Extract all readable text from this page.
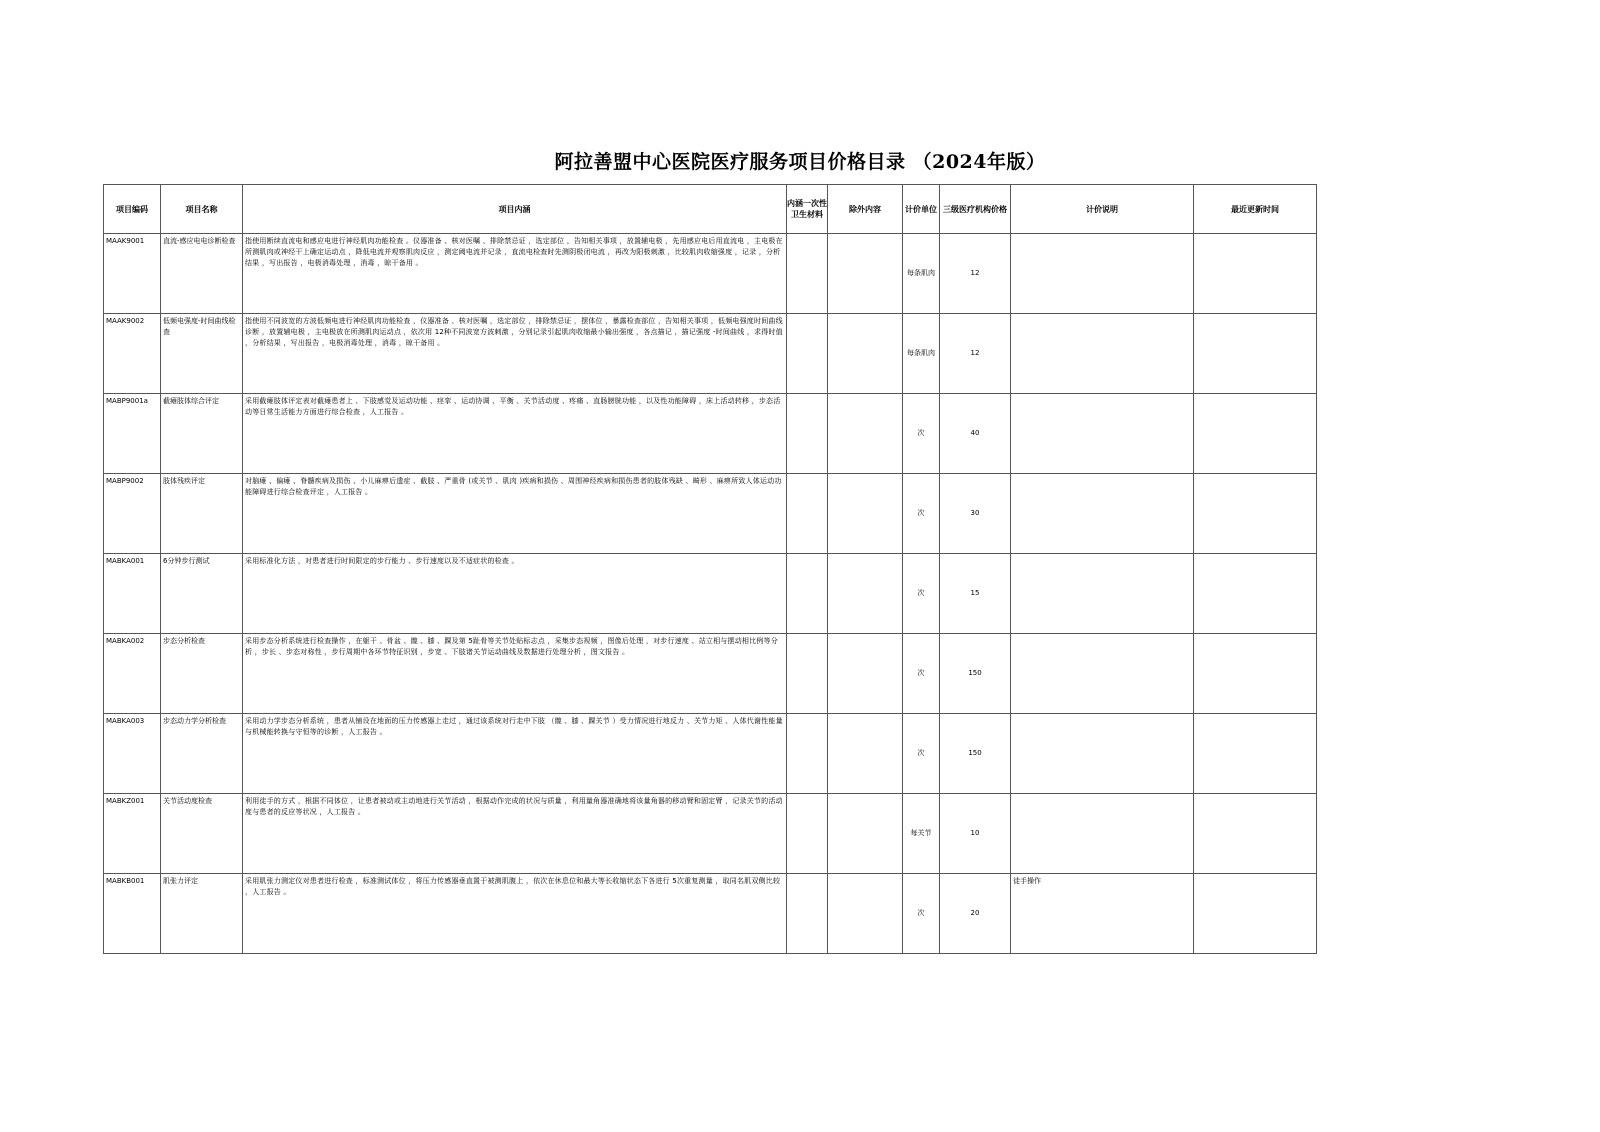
阿拉善盟中心医院医疗服务项目价格目录 （2024年版）
项目编码	项目名称	项目内涵	内涵一次性卫生材料	除外内容	计价单位	三级医疗机构价格	计价说明	最近更新时间
MAAK9001	直流-感应电电诊断检查	指使用断续直流电和感应电进行神经肌肉功能检查 。仪器准备 、核对医嘱 、排除禁忌证 ，选定部位 ，告知相关事项 ，放置辅电极 ，先用感应电后用直流电 ，主电极在所测肌肉或神经干上确定运动点 ，降低电流并观察肌肉反应 ，测定阈电流并记录 ，直流电检查时先测阴极闭电流 ，再改为阳极刺激 ，比较肌肉收缩强度 ，记录 ，分析结果 ，写出报告 ，电极消毒处理 ，消毒 ，晾干备用 。			每条肌肉	12		
MAAK9002	低频电强度-时间曲线检查	指使用不同波宽的方波低频电进行神经肌肉功能检查 ，仪器准备 、核对医嘱 ，选定部位 ，排除禁忌证 ，摆体位 ，暴露检查部位 ，告知相关事项 ，低频电强度时间曲线诊断 ，放置辅电极 ，主电极放在所测肌肉运动点 ，依次用 12种不同波宽方波刺激 ，分别记录引起肌肉收缩最小输出强度 ，各点描记 ，描记强度 -时间曲线 ，求得时值 ，分析结果 ，写出报告 ，电极消毒处理 ，消毒 ，晾干备用 。			每条肌肉	12		
MABP9001a	截瘫肢体综合评定	采用截瘫肢体评定表对截瘫患者上 、下肢感觉及运动功能 、痉挛 、运动协调 、平衡 、关节活动度 、疼痛 、直肠膀胱功能 ，以及性功能障碍 ，床上活动转移 ，步态活动等日常生活能力方面进行综合检查 ，人工报告 。			次	40		
MABP9002	肢体残疾评定	对脑瘫 、偏瘫 、脊髓疾病及损伤 、小儿麻痹后遗症 、截肢 、严重骨 (或关节 、肌肉 )疾病和损伤 、周围神经疾病和损伤患者的肢体残缺 、畸形 、麻痹所致人体运动功能障碍进行综合检查评定 ，人工报告 。			次	30		
MABKA001	6分钟步行测试	采用标准化方法 ，对患者进行时间限定的步行能力 、步行速度以及不适症状的检查 。			次	15		
MABKA002	步态分析检查	采用步态分析系统进行检查操作 ，在躯干 、骨盆 、髋 、膝 、踝及第 5趾骨等关节处贴标志点 ，采集步态视频 ，图像后处理 ，对步行速度 、站立相与摆动相比例等分析 ，步长 、步态对称性 ，步行周期中各环节特征识别 ，步宽 、下肢诸关节运动曲线及数据进行处理分析 ，图文报告 。			次	150		
MABKA003	步态动力学分析检查	采用动力学步态分析系统 ，患者从铺设在地面的压力传感器上走过 ，通过该系统对行走中下肢 （髋 、膝 、踝关节 ）受力情况进行地反力 、关节力矩 、人体代谢性能量与机械能转换与守恒等的诊断 ，人工报告 。			次	150		
MABKZ001	关节活动度检查	利用徒手的方式 ，根据不同体位 ，让患者被动或主动地进行关节活动 ，根据动作完成的状况与质量 ，利用量角器准确地将该量角器的移动臂和固定臂 ，记录关节的活动度与患者的反应等状况 ，人工报告 。			每关节	10		
MABKB001	肌张力评定	采用肌张力测定仪对患者进行检查 ，标准测试体位 ，将压力传感器垂直置于被测肌腹上 ，依次在休息位和最大等长收缩状态下各进行 5次重复测量 ，取同名肌双侧比较 ，人工报告 。			次	20	徒手操作	
